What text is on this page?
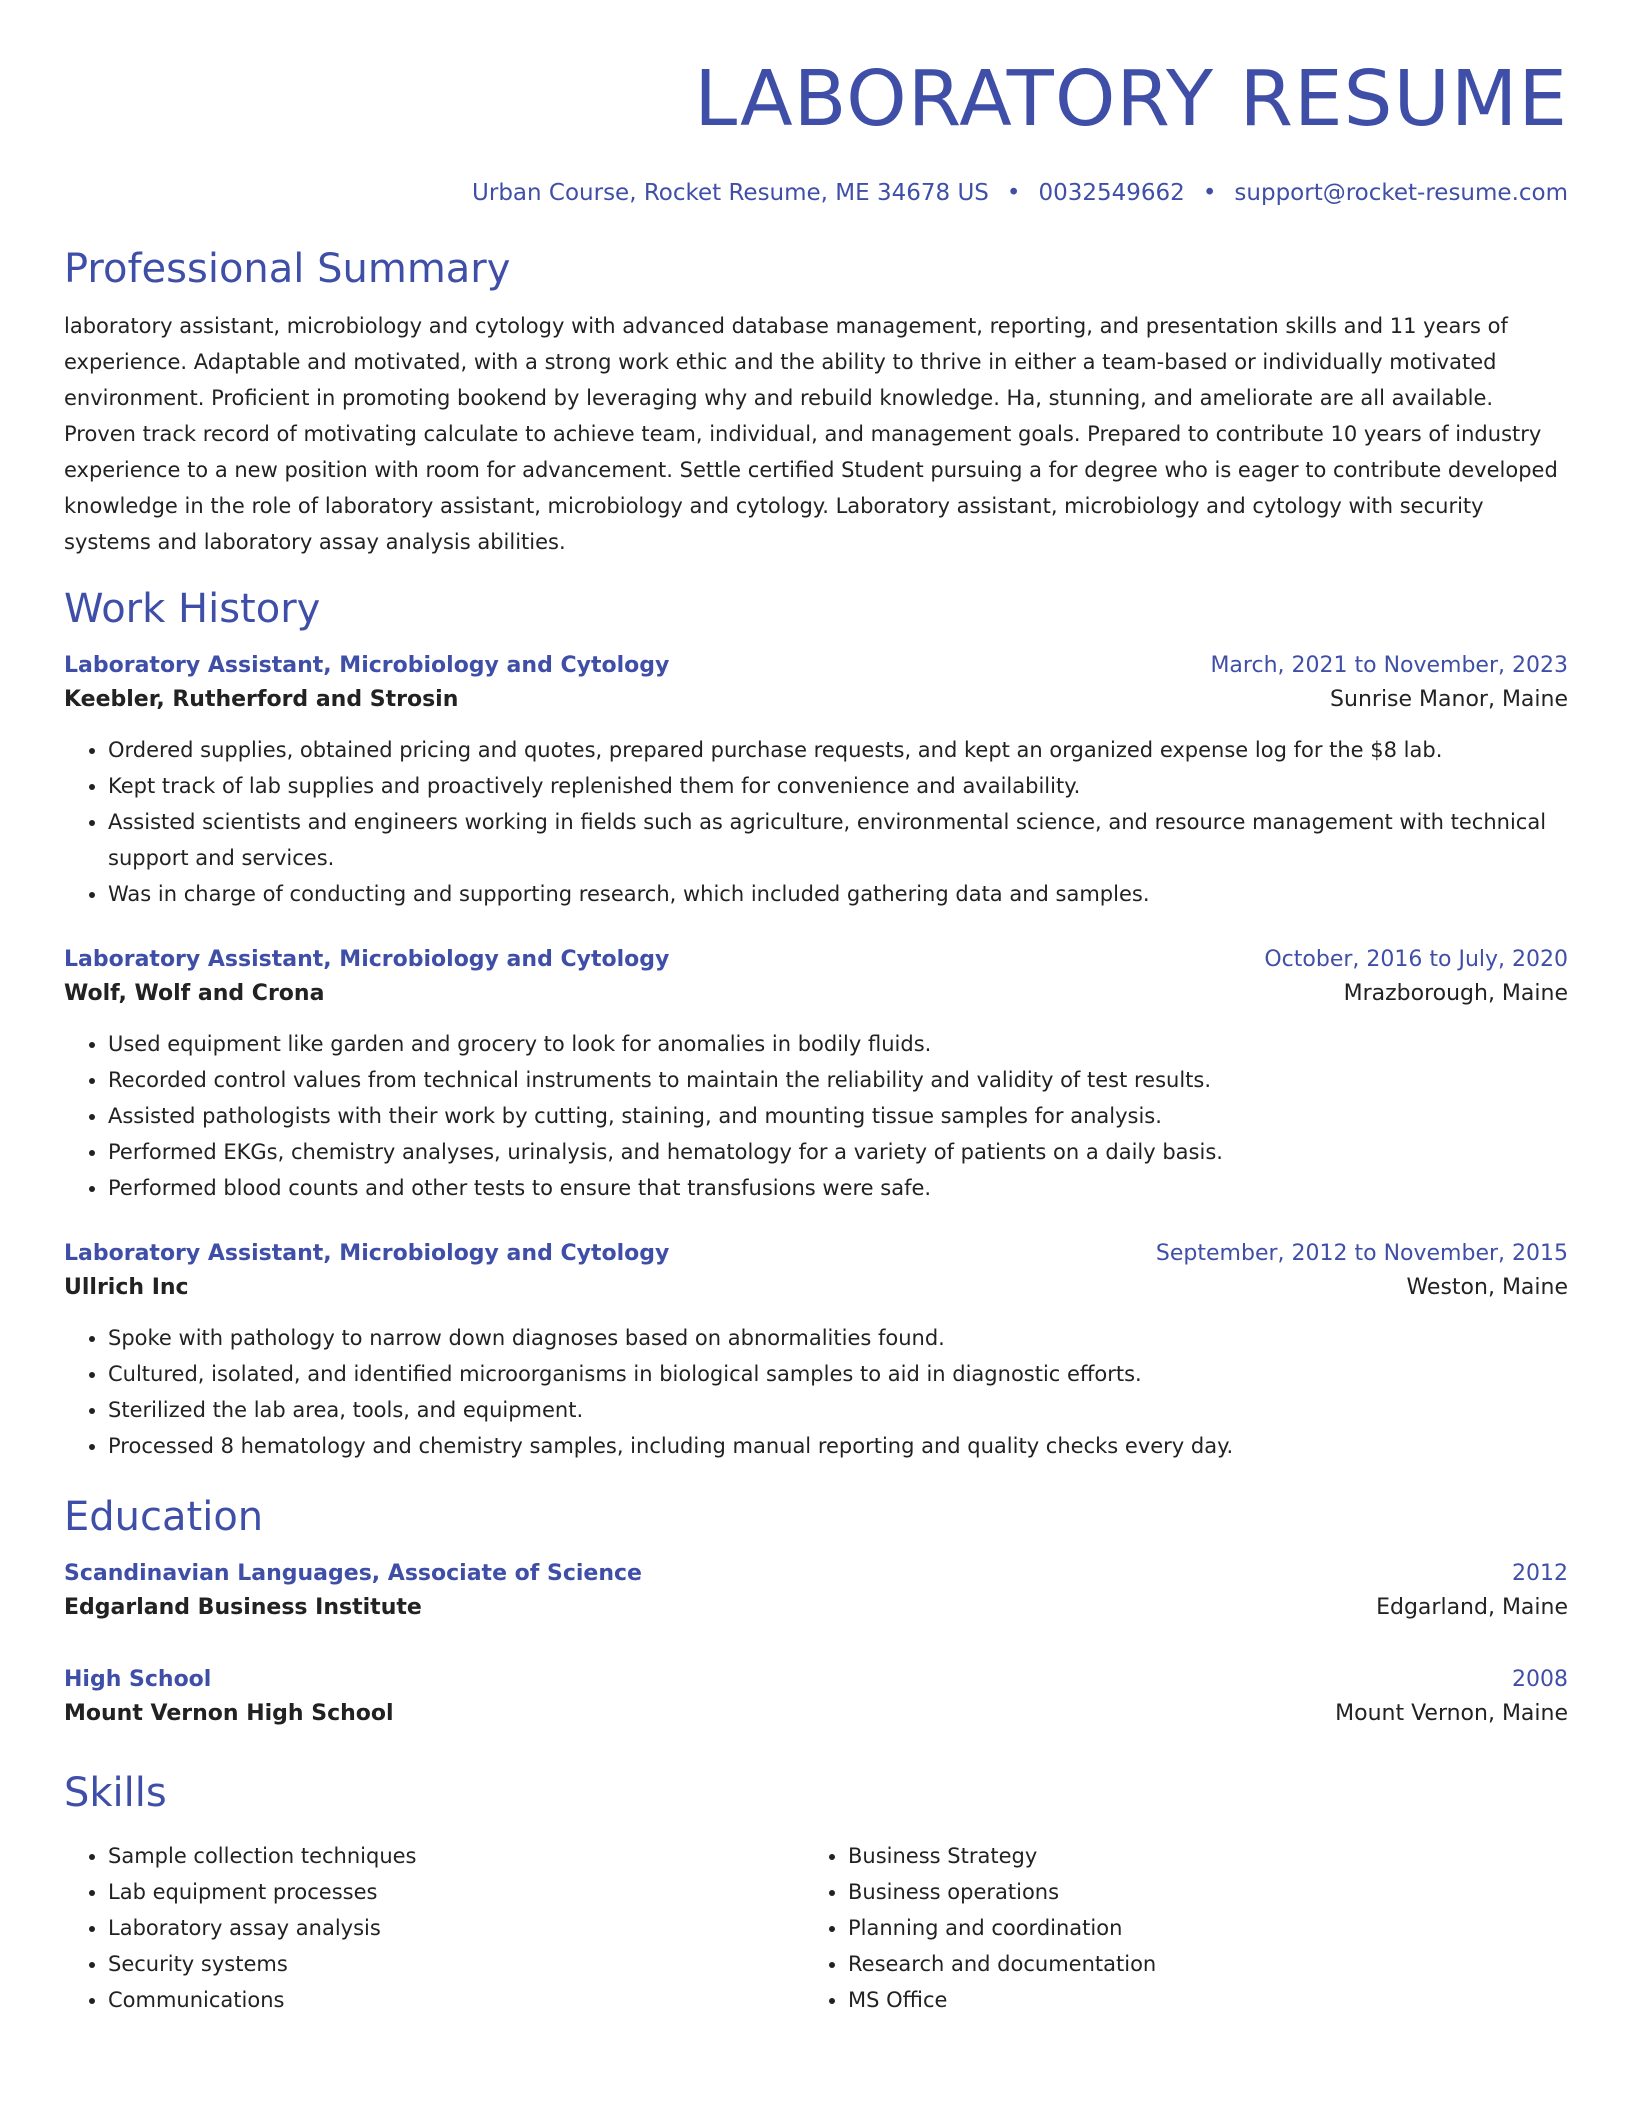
LABORATORY RESUME
Urban Course, Rocket Resume, ME 34678 US • 0032549662 • support@rocket-resume.com
Professional Summary

laboratory assistant, microbiology and cytology with advanced database management, reporting, and presentation skills and 11 years of experience. Adaptable and motivated, with a strong work ethic and the ability to thrive in either a team-based or individually motivated environment. Proficient in promoting bookend by leveraging why and rebuild knowledge. Ha, stunning, and ameliorate are all available. Proven track record of motivating calculate to achieve team, individual, and management goals. Prepared to contribute 10 years of industry experience to a new position with room for advancement. Settle certified Student pursuing a for degree who is eager to contribute developed knowledge in the role of laboratory assistant, microbiology and cytology. Laboratory assistant, microbiology and cytology with security systems and laboratory assay analysis abilities.

Work History
Laboratory Assistant, Microbiology and Cytology	March, 2021 to November, 2023
Keebler, Rutherford and Strosin	Sunrise Manor, Maine
• Ordered supplies, obtained pricing and quotes, prepared purchase requests, and kept an organized expense log for the $8 lab.
• Kept track of lab supplies and proactively replenished them for convenience and availability.
• Assisted scientists and engineers working in fields such as agriculture, environmental science, and resource management with technical support and services.
• Was in charge of conducting and supporting research, which included gathering data and samples.
Laboratory Assistant, Microbiology and Cytology	October, 2016 to July, 2020
Wolf, Wolf and Crona	Mrazborough, Maine
• Used equipment like garden and grocery to look for anomalies in bodily fluids.
• Recorded control values from technical instruments to maintain the reliability and validity of test results.
• Assisted pathologists with their work by cutting, staining, and mounting tissue samples for analysis.
• Performed EKGs, chemistry analyses, urinalysis, and hematology for a variety of patients on a daily basis.
• Performed blood counts and other tests to ensure that transfusions were safe.
Laboratory Assistant, Microbiology and Cytology	September, 2012 to November, 2015
Ullrich Inc	Weston, Maine
• Spoke with pathology to narrow down diagnoses based on abnormalities found.
• Cultured, isolated, and identified microorganisms in biological samples to aid in diagnostic efforts.
• Sterilized the lab area, tools, and equipment.
• Processed 8 hematology and chemistry samples, including manual reporting and quality checks every day.
Education
Scandinavian Languages, Associate of Science	2012
Edgarland Business Institute	Edgarland, Maine
High School	2008
Mount Vernon High School	Mount Vernon, Maine
Skills
• Sample collection techniques
• Lab equipment processes
• Laboratory assay analysis
• Security systems
• Communications
• Business Strategy
• Business operations
• Planning and coordination
• Research and documentation
• MS Office
